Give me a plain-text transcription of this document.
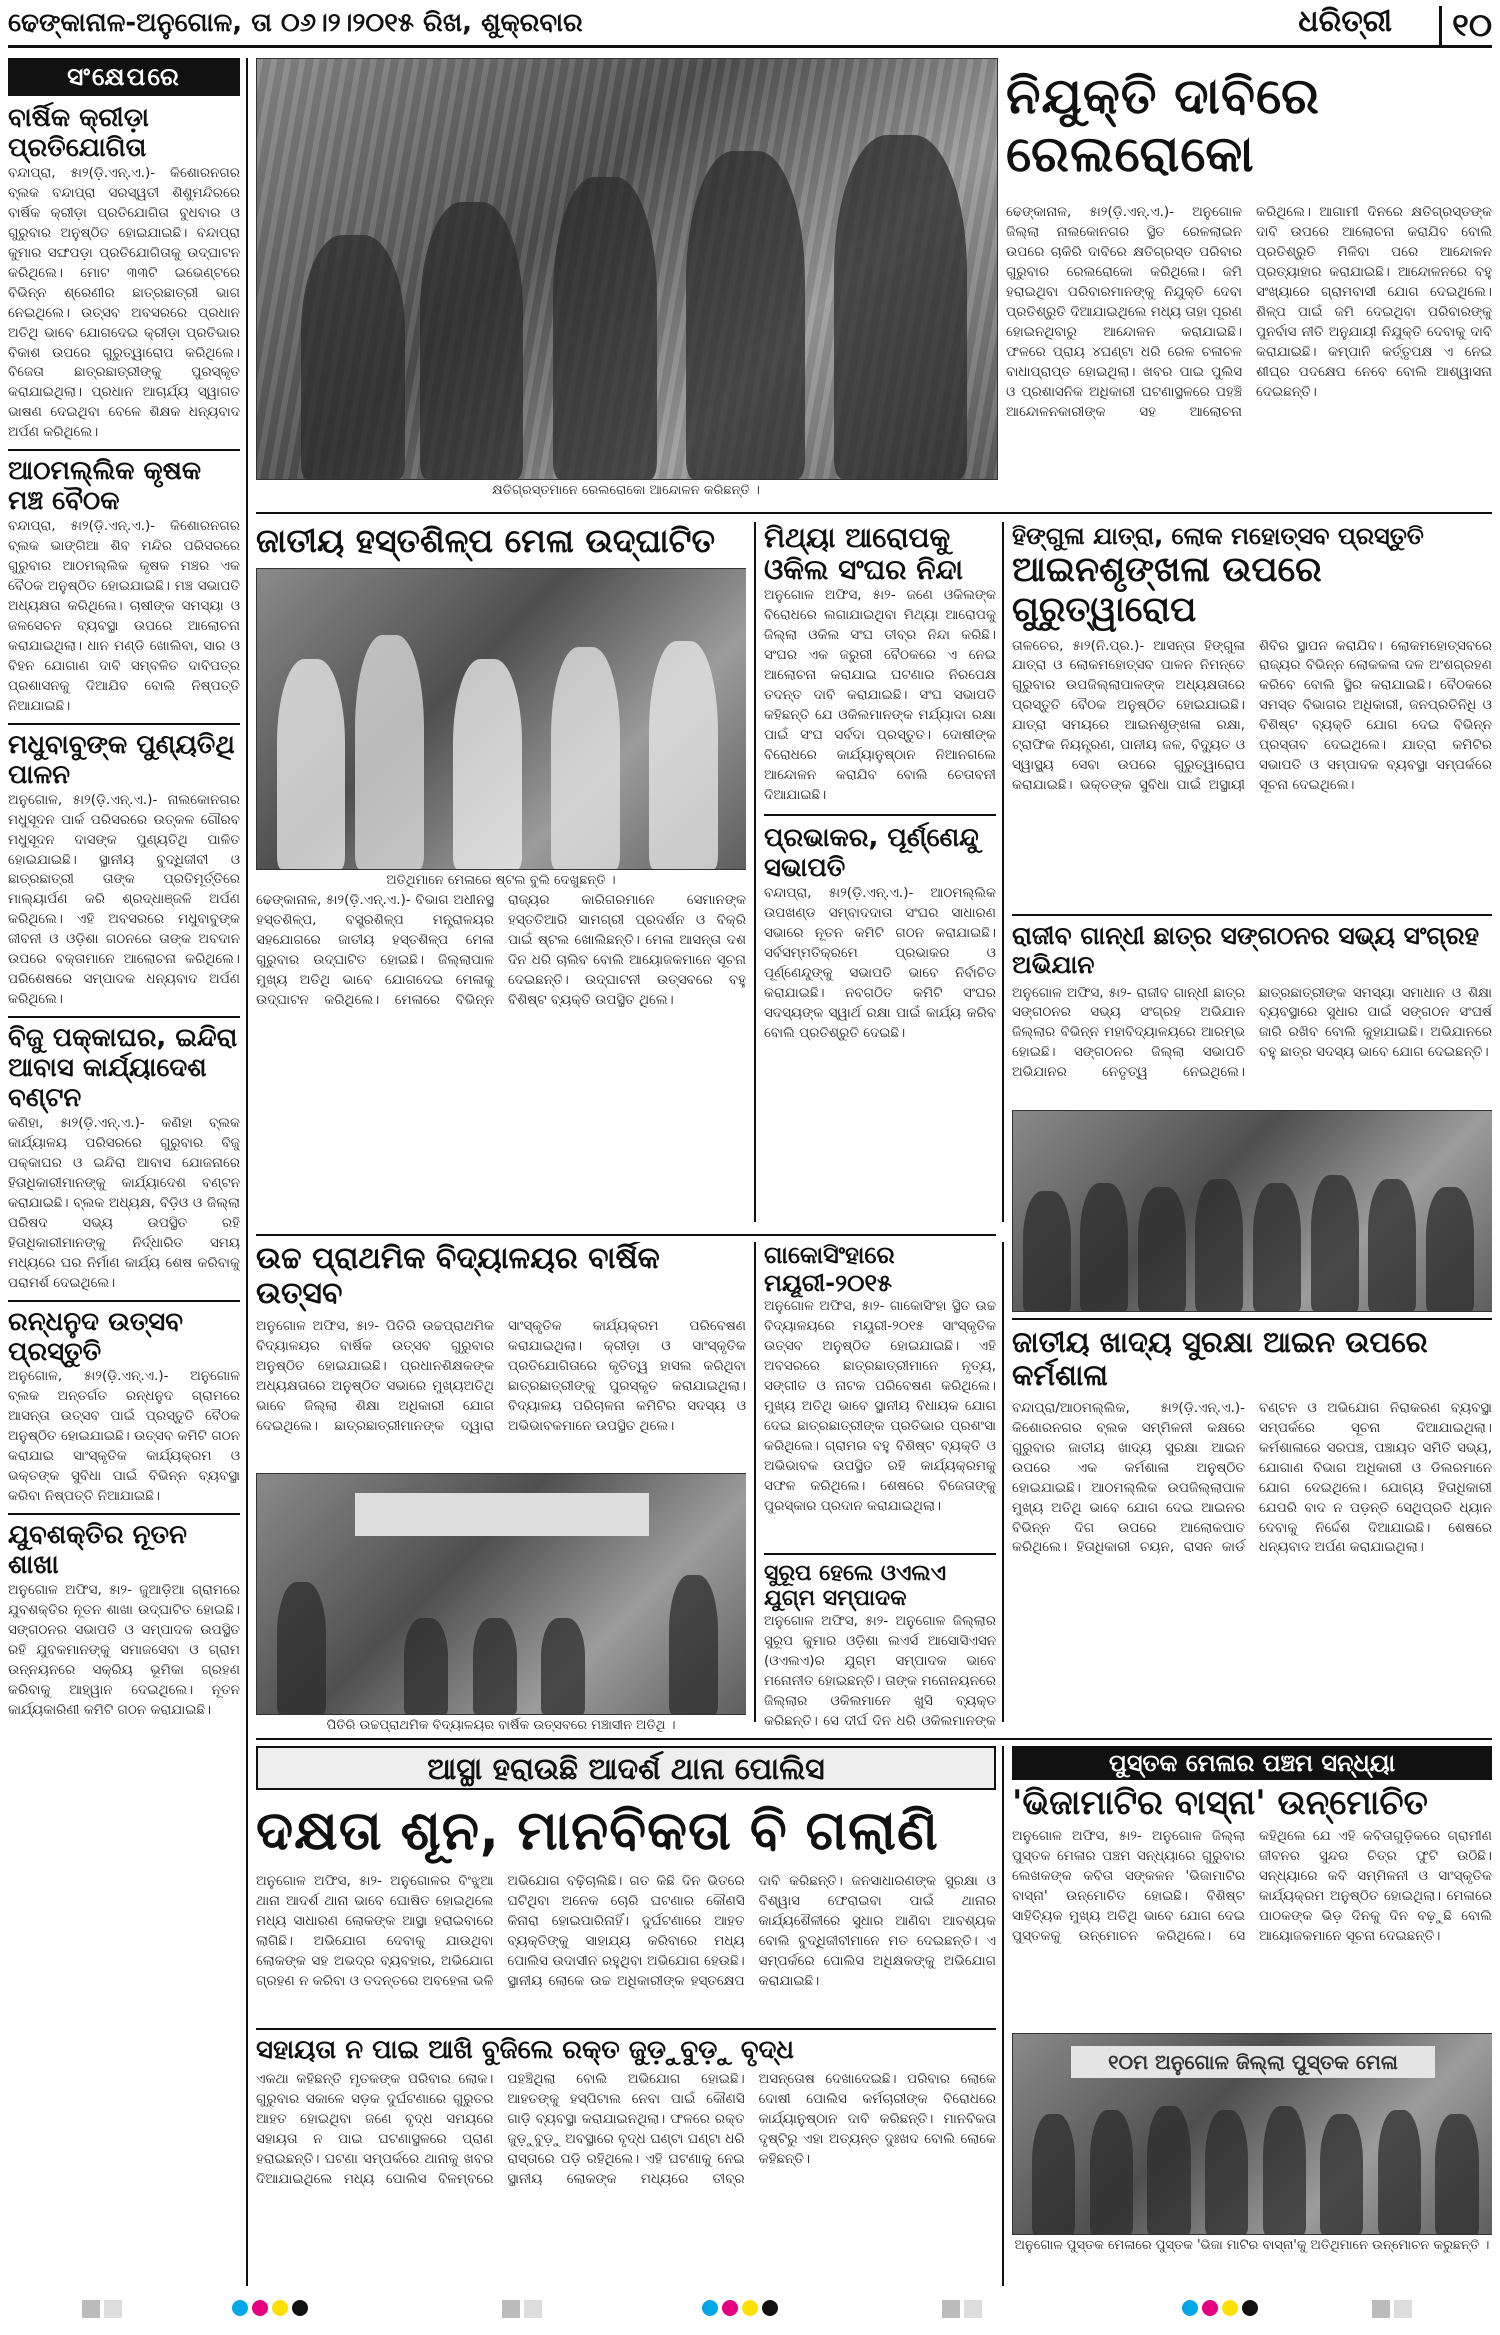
ଢେଙ୍କାନାଳ-ଅନୁଗୋଳ, ତା ୦୬।୨।୨୦୧୫ ରିଖ, ଶୁକ୍ରବାର	ଧରିତ୍ରୀ	୧୦
ସଂକ୍ଷେପରେ
ବାର୍ଷିକ କ୍ରୀଡ଼ା ପ୍ରତିଯୋଗିତା
ବନ୍ଦାପ୍ରା, ୫ା୨(ଡ଼ି.ଏନ୍.ଏ.)- କିଶୋରନଗର ବ୍ଲକ ବନ୍ଦାପ୍ରା ସରସ୍ୱତୀ ଶିଶୁମନ୍ଦିରରେ ବାର୍ଷିକ କ୍ରୀଡ଼ା ପ୍ରତିଯୋଗିତା ବୁଧବାର ଓ ଗୁରୁବାର ଅନୁଷ୍ଠିତ ହୋଇଯାଇଛି। ବନ୍ଦାପ୍ରା କୁମାର ସଙ୍ଘପଡ଼ା ପ୍ରତିଯୋଗିତାକୁ ଉଦ୍‌ଘାଟନ କରିଥିଲେ। ମୋଟ ୩୩ଟି ଇଭେଣ୍ଟରେ ବିଭିନ୍ନ ଶ୍ରେଣୀର ଛାତ୍ରଛାତ୍ରୀ ଭାଗ ନେଇଥିଲେ। ଉତ୍ସବ ଅବସରରେ ପ୍ରଧାନ ଅତିଥି ଭାବେ ଯୋଗଦେଇ କ୍ରୀଡ଼ା ପ୍ରତିଭାର ବିକାଶ ଉପରେ ଗୁରୁତ୍ୱାରୋପ କରିଥିଲେ। ବିଜେତା ଛାତ୍ରଛାତ୍ରୀଙ୍କୁ ପୁରସ୍କୃତ କରାଯାଇଥିଲା। ପ୍ରଧାନ ଆଚାର୍ଯ୍ୟ ସ୍ୱାଗତ ଭାଷଣ ଦେଇଥିବା ବେଳେ ଶିକ୍ଷକ ଧନ୍ୟବାଦ ଅର୍ପଣ କରିଥିଲେ।
ଆଠମଲ୍ଲିକ କୃଷକ ମଞ୍ଚ ବୈଠକ
ବନ୍ଦାପ୍ରା, ୫ା୨(ଡ଼ି.ଏନ୍.ଏ.)- କିଶୋରନଗର ବ୍ଲକ ଭାଙ୍ଗିଆ ଶିବ ମନ୍ଦିର ପରିସରରେ ଗୁରୁବାର ଆଠମଲ୍ଲିକ କୃଷକ ମଞ୍ଚର ଏକ ବୈଠକ ଅନୁଷ୍ଠିତ ହୋଇଯାଇଛି। ମଞ୍ଚ ସଭାପତି ଅଧ୍ୟକ୍ଷତା କରିଥିଲେ। ଚାଷୀଙ୍କ ସମସ୍ୟା ଓ ଜଳସେଚନ ବ୍ୟବସ୍ଥା ଉପରେ ଆଲୋଚନା କରାଯାଇଥିଲା। ଧାନ ମଣ୍ଡି ଖୋଲିବା, ସାର ଓ ବିହନ ଯୋଗାଣ ଦାବି ସମ୍ବଳିତ ଦାବିପତ୍ର ପ୍ରଶାସନକୁ ଦିଆଯିବ ବୋଲି ନିଷ୍ପତ୍ତି ନିଆଯାଇଛି।
ମଧୁବାବୁଙ୍କ ପୁଣ୍ୟତିଥି ପାଳନ
ଅନୁଗୋଳ, ୫ା୨(ଡ଼ି.ଏନ୍.ଏ.)- ନାଲକୋନଗର ମଧୁସୂଦନ ପାର୍କ ପରିସରରେ ଉତ୍କଳ ଗୌରବ ମଧୁସୂଦନ ଦାସଙ୍କ ପୁଣ୍ୟତିଥି ପାଳିତ ହୋଇଯାଇଛି। ସ୍ଥାନୀୟ ବୁଦ୍ଧିଜୀବୀ ଓ ଛାତ୍ରଛାତ୍ରୀ ତାଙ୍କ ପ୍ରତିମୂର୍ତ୍ତିରେ ମାଲ୍ୟାର୍ପଣ କରି ଶ୍ରଦ୍ଧାଞ୍ଜଳି ଅର୍ପଣ କରିଥିଲେ। ଏହି ଅବସରରେ ମଧୁବାବୁଙ୍କ ଜୀବନୀ ଓ ଓଡ଼ିଶା ଗଠନରେ ତାଙ୍କ ଅବଦାନ ଉପରେ ବକ୍ତାମାନେ ଆଲୋଚନା କରିଥିଲେ। ପରିଶେଷରେ ସମ୍ପାଦକ ଧନ୍ୟବାଦ ଅର୍ପଣ କରିଥିଲେ।
ବିଜୁ ପକ୍କାଘର, ଇନ୍ଦିରା ଆବାସ କାର୍ଯ୍ୟାଦେଶ ବଣ୍ଟନ
କଣିହା, ୫ା୨(ଡ଼ି.ଏନ୍.ଏ.)- କଣିହା ବ୍ଲକ କାର୍ଯ୍ୟାଳୟ ପରିସରରେ ଗୁରୁବାର ବିଜୁ ପକ୍କାଘର ଓ ଇନ୍ଦିରା ଆବାସ ଯୋଜନାରେ ହିତାଧିକାରୀମାନଙ୍କୁ କାର୍ଯ୍ୟାଦେଶ ବଣ୍ଟନ କରାଯାଇଛି। ବ୍ଲକ ଅଧ୍ୟକ୍ଷ, ବିଡ଼ିଓ ଓ ଜିଲ୍ଲା ପରିଷଦ ସଭ୍ୟ ଉପସ୍ଥିତ ରହି ହିତାଧିକାରୀମାନଙ୍କୁ ନିର୍ଦ୍ଧାରିତ ସମୟ ମଧ୍ୟରେ ଘର ନିର୍ମାଣ କାର୍ଯ୍ୟ ଶେଷ କରିବାକୁ ପରାମର୍ଶ ଦେଇଥିଲେ।
ରନ୍ଧନୁଦ ଉତ୍ସବ ପ୍ରସ୍ତୁତି
ଅନୁଗୋଳ, ୫ା୨(ଡ଼ି.ଏନ୍.ଏ.)- ଅନୁଗୋଳ ବ୍ଲକ ଅନ୍ତର୍ଗତ ରନ୍ଧନୁଦ ଗ୍ରାମରେ ଆସନ୍ତା ଉତ୍ସବ ପାଇଁ ପ୍ରସ୍ତୁତି ବୈଠକ ଅନୁଷ୍ଠିତ ହୋଇଯାଇଛି। ଉତ୍ସବ କମିଟି ଗଠନ କରାଯାଇ ସାଂସ୍କୃତିକ କାର୍ଯ୍ୟକ୍ରମ ଓ ଭକ୍ତଙ୍କ ସୁବିଧା ପାଇଁ ବିଭିନ୍ନ ବ୍ୟବସ୍ଥା କରିବା ନିଷ୍ପତ୍ତି ନିଆଯାଇଛି।
ଯୁବଶକ୍ତିର ନୂତନ ଶାଖା
ଅନୁଗୋଳ ଅଫିସ, ୫ା୨- ଜୁଆଡ଼ିଆ ଗ୍ରାମରେ ଯୁବଶକ୍ତିର ନୂତନ ଶାଖା ଉଦ୍‌ଘାଟିତ ହୋଇଛି। ସଙ୍ଗଠନର ସଭାପତି ଓ ସମ୍ପାଦକ ଉପସ୍ଥିତ ରହି ଯୁବକମାନଙ୍କୁ ସମାଜସେବା ଓ ଗ୍ରାମ ଉନ୍ନୟନରେ ସକ୍ରିୟ ଭୂମିକା ଗ୍ରହଣ କରିବାକୁ ଆହ୍ୱାନ ଦେଇଥିଲେ। ନୂତନ କାର୍ଯ୍ୟକାରିଣୀ କମିଟି ଗଠନ କରାଯାଇଛି।
କ୍ଷତିଗ୍ରସ୍ତମାନେ ରେଲରୋକୋ ଆନ୍ଦୋଳନ କରିଛନ୍ତି ।
ନିଯୁକ୍ତି ଦାବିରେ ରେଲରୋକୋ
ଢେଙ୍କାନାଳ, ୫ା୨(ଡ଼ି.ଏନ୍.ଏ.)- ଅନୁଗୋଳ ଜିଲ୍ଲା ନାଲକୋନଗର ସ୍ଥିତ ରେଳଲାଇନ ଉପରେ ଚାକିରି ଦାବିରେ କ୍ଷତିଗ୍ରସ୍ତ ପରିବାର ଗୁରୁବାର ରେଲରୋକୋ କରିଥିଲେ। ଜମି ହରାଇଥିବା ପରିବାରମାନଙ୍କୁ ନିଯୁକ୍ତି ଦେବା ପ୍ରତିଶ୍ରୁତି ଦିଆଯାଇଥିଲେ ମଧ୍ୟ ତାହା ପୂରଣ ହୋଇନଥିବାରୁ ଆନ୍ଦୋଳନ କରାଯାଇଛି। ଫଳରେ ପ୍ରାୟ ୪ଘଣ୍ଟା ଧରି ରେଳ ଚଳାଚଳ ବାଧାପ୍ରାପ୍ତ ହୋଇଥିଲା। ଖବର ପାଇ ପୁଲିସ ଓ ପ୍ରଶାସନିକ ଅଧିକାରୀ ଘଟଣାସ୍ଥଳରେ ପହଞ୍ଚି ଆନ୍ଦୋଳନକାରୀଙ୍କ ସହ ଆଲୋଚନା କରିଥିଲେ। ଆଗାମୀ ଦିନରେ କ୍ଷତିଗ୍ରସ୍ତଙ୍କ ଦାବି ଉପରେ ଆଲୋଚନା କରାଯିବ ବୋଲି ପ୍ରତିଶ୍ରୁତି ମିଳିବା ପରେ ଆନ୍ଦୋଳନ ପ୍ରତ୍ୟାହାର କରାଯାଇଛି। ଆନ୍ଦୋଳନରେ ବହୁ ସଂଖ୍ୟାରେ ଗ୍ରାମବାସୀ ଯୋଗ ଦେଇଥିଲେ। ଶିଳ୍ପ ପାଇଁ ଜମି ଦେଇଥିବା ପରିବାରଙ୍କୁ ପୁନର୍ବାସ ନୀତି ଅନୁଯାୟୀ ନିଯୁକ୍ତି ଦେବାକୁ ଦାବି କରାଯାଇଛି। କମ୍ପାନି କର୍ତ୍ତୃପକ୍ଷ ଏ ନେଇ ଶୀଘ୍ର ପଦକ୍ଷେପ ନେବେ ବୋଲି ଆଶ୍ୱାସନା ଦେଇଛନ୍ତି।
ଜାତୀୟ ହସ୍ତଶିଳ୍ପ ମେଳା ଉଦ୍‌ଘାଟିତ
ଅତିଥିମାନେ ମେଳାରେ ଷ୍ଟଲ ବୁଲି ଦେଖୁଛନ୍ତି ।
ଢେଙ୍କାନାଳ, ୫ା୨(ଡ଼ି.ଏନ୍.ଏ.)- ବିଭାଗ ଅଧୀନସ୍ଥ ହସ୍ତଶିଳ୍ପ, ବସ୍ତ୍ରଶିଳ୍ପ ମନ୍ତ୍ରାଳୟର ସହଯୋଗରେ ଜାତୀୟ ହସ୍ତଶିଳ୍ପ ମେଳା ଗୁରୁବାର ଉଦ୍‌ଘାଟିତ ହୋଇଛି। ଜିଲ୍ଲାପାଳ ମୁଖ୍ୟ ଅତିଥି ଭାବେ ଯୋଗଦେଇ ମେଳାକୁ ଉଦ୍‌ଘାଟନ କରିଥିଲେ। ମେଳାରେ ବିଭିନ୍ନ ରାଜ୍ୟର କାରିଗରମାନେ ସେମାନଙ୍କ ହସ୍ତତିଆରି ସାମଗ୍ରୀ ପ୍ରଦର୍ଶନ ଓ ବିକ୍ରି ପାଇଁ ଷ୍ଟଲ ଖୋଲିଛନ୍ତି। ମେଳା ଆସନ୍ତା ଦଶ ଦିନ ଧରି ଚାଲିବ ବୋଲି ଆୟୋଜକମାନେ ସୂଚନା ଦେଇଛନ୍ତି। ଉଦ୍‌ଘାଟନୀ ଉତ୍ସବରେ ବହୁ ବିଶିଷ୍ଟ ବ୍ୟକ୍ତି ଉପସ୍ଥିତ ଥିଲେ।
ମିଥ୍ୟା ଆରୋପକୁ ଓକିଲ ସଂଘର ନିନ୍ଦା
ଅନୁଗୋଳ ଅଫିସ, ୫ା୨- ଜଣେ ଓକିଲଙ୍କ ବିରୋଧରେ ଲଗାଯାଇଥିବା ମିଥ୍ୟା ଆରୋପକୁ ଜିଲ୍ଲା ଓକିଲ ସଂଘ ତୀବ୍ର ନିନ୍ଦା କରିଛି। ସଂଘର ଏକ ଜରୁରୀ ବୈଠକରେ ଏ ନେଇ ଆଲୋଚନା କରାଯାଇ ଘଟଣାର ନିରପେକ୍ଷ ତଦନ୍ତ ଦାବି କରାଯାଇଛି। ସଂଘ ସଭାପତି କହିଛନ୍ତି ଯେ ଓକିଲମାନଙ୍କ ମର୍ଯ୍ୟାଦା ରକ୍ଷା ପାଇଁ ସଂଘ ସର୍ବଦା ପ୍ରସ୍ତୁତ। ଦୋଷୀଙ୍କ ବିରୋଧରେ କାର୍ଯ୍ୟାନୁଷ୍ଠାନ ନିଆନଗଲେ ଆନ୍ଦୋଳନ କରାଯିବ ବୋଲି ଚେତାବନୀ ଦିଆଯାଇଛି।
ପ୍ରଭାକର, ପୂର୍ଣ୍ଣେନ୍ଦୁ ସଭାପତି
ବନ୍ଦାପ୍ରା, ୫ା୨(ଡ଼ି.ଏନ୍.ଏ.)- ଆଠମଲ୍ଲିକ ଉପଖଣ୍ଡ ସମ୍ବାଦଦାତା ସଂଘର ସାଧାରଣ ସଭାରେ ନୂତନ କମିଟି ଗଠନ କରାଯାଇଛି। ସର୍ବସମ୍ମତିକ୍ରମେ ପ୍ରଭାକର ଓ ପୂର୍ଣ୍ଣେନ୍ଦୁଙ୍କୁ ସଭାପତି ଭାବେ ନିର୍ବାଚିତ କରାଯାଇଛି। ନବଗଠିତ କମିଟି ସଂଘର ସଦସ୍ୟଙ୍କ ସ୍ୱାର୍ଥ ରକ୍ଷା ପାଇଁ କାର୍ଯ୍ୟ କରିବ ବୋଲି ପ୍ରତିଶ୍ରୁତି ଦେଇଛି।
ହିଙ୍ଗୁଳା ଯାତ୍ରା, ଲୋକ ମହୋତ୍ସବ ପ୍ରସ୍ତୁତି
ଆଇନଶୃଙ୍ଖଳା ଉପରେ ଗୁରୁତ୍ୱାରୋପ
ତାଳଚେର, ୫ା୨(ନି.ପ୍ର.)- ଆସନ୍ତା ହିଙ୍ଗୁଳା ଯାତ୍ରା ଓ ଲୋକମହୋତ୍ସବ ପାଳନ ନିମନ୍ତେ ଗୁରୁବାର ଉପଜିଲ୍ଲାପାଳଙ୍କ ଅଧ୍ୟକ୍ଷତାରେ ପ୍ରସ୍ତୁତି ବୈଠକ ଅନୁଷ୍ଠିତ ହୋଇଯାଇଛି। ଯାତ୍ରା ସମୟରେ ଆଇନଶୃଙ୍ଖଳା ରକ୍ଷା, ଟ୍ରାଫିକ ନିୟନ୍ତ୍ରଣ, ପାନୀୟ ଜଳ, ବିଦ୍ୟୁତ ଓ ସ୍ୱାସ୍ଥ୍ୟ ସେବା ଉପରେ ଗୁରୁତ୍ୱାରୋପ କରାଯାଇଛି। ଭକ୍ତଙ୍କ ସୁବିଧା ପାଇଁ ଅସ୍ଥାୟୀ ଶିବିର ସ୍ଥାପନ କରାଯିବ। ଲୋକମହୋତ୍ସବରେ ରାଜ୍ୟର ବିଭିନ୍ନ ଲୋକକଳା ଦଳ ଅଂଶଗ୍ରହଣ କରିବେ ବୋଲି ସ୍ଥିର କରାଯାଇଛି। ବୈଠକରେ ସମସ୍ତ ବିଭାଗର ଅଧିକାରୀ, ଜନପ୍ରତିନିଧି ଓ ବିଶିଷ୍ଟ ବ୍ୟକ୍ତି ଯୋଗ ଦେଇ ବିଭିନ୍ନ ପ୍ରସ୍ତାବ ଦେଇଥିଲେ। ଯାତ୍ରା କମିଟିର ସଭାପତି ଓ ସମ୍ପାଦକ ବ୍ୟବସ୍ଥା ସମ୍ପର୍କରେ ସୂଚନା ଦେଇଥିଲେ।
ରାଜୀବ ଗାନ୍ଧୀ ଛାତ୍ର ସଙ୍ଗଠନର ସଭ୍ୟ ସଂଗ୍ରହ ଅଭିଯାନ
ଅନୁଗୋଳ ଅଫିସ, ୫ା୨- ରାଜୀବ ଗାନ୍ଧୀ ଛାତ୍ର ସଙ୍ଗଠନର ସଭ୍ୟ ସଂଗ୍ରହ ଅଭିଯାନ ଜିଲ୍ଲାର ବିଭିନ୍ନ ମହାବିଦ୍ୟାଳୟରେ ଆରମ୍ଭ ହୋଇଛି। ସଙ୍ଗଠନର ଜିଲ୍ଲା ସଭାପତି ଅଭିଯାନର ନେତୃତ୍ୱ ନେଇଥିଲେ। ଛାତ୍ରଛାତ୍ରୀଙ୍କ ସମସ୍ୟା ସମାଧାନ ଓ ଶିକ୍ଷା ବ୍ୟବସ୍ଥାରେ ସୁଧାର ପାଇଁ ସଙ୍ଗଠନ ସଂଘର୍ଷ ଜାରି ରଖିବ ବୋଲି କୁହାଯାଇଛି। ଅଭିଯାନରେ ବହୁ ଛାତ୍ର ସଦସ୍ୟ ଭାବେ ଯୋଗ ଦେଇଛନ୍ତି।
ଉଚ୍ଚ ପ୍ରାଥମିକ ବିଦ୍ୟାଳୟର ବାର୍ଷିକ ଉତ୍ସବ
ଅନୁଗୋଳ ଅଫିସ, ୫ା୨- ପିତିରି ଉଚ୍ଚପ୍ରାଥମିକ ବିଦ୍ୟାଳୟର ବାର୍ଷିକ ଉତ୍ସବ ଗୁରୁବାର ଅନୁଷ୍ଠିତ ହୋଇଯାଇଛି। ପ୍ରଧାନଶିକ୍ଷକଙ୍କ ଅଧ୍ୟକ୍ଷତାରେ ଅନୁଷ୍ଠିତ ସଭାରେ ମୁଖ୍ୟଅତିଥି ଭାବେ ଜିଲ୍ଲା ଶିକ୍ଷା ଅଧିକାରୀ ଯୋଗ ଦେଇଥିଲେ। ଛାତ୍ରଛାତ୍ରୀମାନଙ୍କ ଦ୍ୱାରା ସାଂସ୍କୃତିକ କାର୍ଯ୍ୟକ୍ରମ ପରିବେଷଣ କରାଯାଇଥିଲା। କ୍ରୀଡ଼ା ଓ ସାଂସ୍କୃତିକ ପ୍ରତିଯୋଗିତାରେ କୃତିତ୍ୱ ହାସଲ କରିଥିବା ଛାତ୍ରଛାତ୍ରୀଙ୍କୁ ପୁରସ୍କୃତ କରାଯାଇଥିଲା। ବିଦ୍ୟାଳୟ ପରିଚାଳନା କମିଟିର ସଦସ୍ୟ ଓ ଅଭିଭାବକମାନେ ଉପସ୍ଥିତ ଥିଲେ।
ପିତିରି ଉଚ୍ଚପ୍ରାଥମିକ ବିଦ୍ୟାଳୟର ବାର୍ଷିକ ଉତ୍ସବରେ ମଞ୍ଚାସୀନ ଅତିଥି ।
ଗାକୋସିଂହାରେ ମୟୂରୀ-୨୦୧୫
ଅନୁଗୋଳ ଅଫିସ, ୫ା୨- ଗାକୋସିଂହା ସ୍ଥିତ ଉଚ୍ଚ ବିଦ୍ୟାଳୟରେ ମୟୂରୀ-୨୦୧୫ ସାଂସ୍କୃତିକ ଉତ୍ସବ ଅନୁଷ୍ଠିତ ହୋଇଯାଇଛି। ଏହି ଅବସରରେ ଛାତ୍ରଛାତ୍ରୀମାନେ ନୃତ୍ୟ, ସଙ୍ଗୀତ ଓ ନାଟକ ପରିବେଷଣ କରିଥିଲେ। ମୁଖ୍ୟ ଅତିଥି ଭାବେ ସ୍ଥାନୀୟ ବିଧାୟକ ଯୋଗ ଦେଇ ଛାତ୍ରଛାତ୍ରୀଙ୍କ ପ୍ରତିଭାର ପ୍ରଶଂସା କରିଥିଲେ। ଗ୍ରାମର ବହୁ ବିଶିଷ୍ଟ ବ୍ୟକ୍ତି ଓ ଅଭିଭାବକ ଉପସ୍ଥିତ ରହି କାର୍ଯ୍ୟକ୍ରମକୁ ସଫଳ କରିଥିଲେ। ଶେଷରେ ବିଜେତାଙ୍କୁ ପୁରସ୍କାର ପ୍ରଦାନ କରାଯାଇଥିଲା।
ସୁରୂପ ହେଲେ ଓଏଲଏ ଯୁଗ୍ମ ସମ୍ପାଦକ
ଅନୁଗୋଳ ଅଫିସ, ୫ା୨- ଅନୁଗୋଳ ଜିଲ୍ଲାର ସୁରୂପ କୁମାର ଓଡ଼ିଶା ଲଏର୍ସ ଆସୋସିଏସନ (ଓଏଲଏ)ର ଯୁଗ୍ମ ସମ୍ପାଦକ ଭାବେ ମନୋନୀତ ହୋଇଛନ୍ତି। ତାଙ୍କ ମନୋନୟନରେ ଜିଲ୍ଲାର ଓକିଲମାନେ ଖୁସି ବ୍ୟକ୍ତ କରିଛନ୍ତି। ସେ ଦୀର୍ଘ ଦିନ ଧରି ଓକିଲମାନଙ୍କ
ଜାତୀୟ ଖାଦ୍ୟ ସୁରକ୍ଷା ଆଇନ ଉପରେ କର୍ମଶାଳା
ବନ୍ଦାପ୍ରା/ଆଠମଲ୍ଲିକ, ୫ା୨(ଡ଼ି.ଏନ୍.ଏ.)- କିଶୋରନଗର ବ୍ଲକ ସମ୍ମିଳନୀ କକ୍ଷରେ ଗୁରୁବାର ଜାତୀୟ ଖାଦ୍ୟ ସୁରକ୍ଷା ଆଇନ ଉପରେ ଏକ କର୍ମଶାଳା ଅନୁଷ୍ଠିତ ହୋଇଯାଇଛି। ଆଠମଲ୍ଲିକ ଉପଜିଲ୍ଲାପାଳ ମୁଖ୍ୟ ଅତିଥି ଭାବେ ଯୋଗ ଦେଇ ଆଇନର ବିଭିନ୍ନ ଦିଗ ଉପରେ ଆଲୋକପାତ କରିଥିଲେ। ହିତାଧିକାରୀ ଚୟନ, ରାସନ କାର୍ଡ ବଣ୍ଟନ ଓ ଅଭିଯୋଗ ନିରାକରଣ ବ୍ୟବସ୍ଥା ସମ୍ପର୍କରେ ସୂଚନା ଦିଆଯାଇଥିଲା। କର୍ମଶାଳାରେ ସରପଞ୍ଚ, ପଞ୍ଚାୟତ ସମିତି ସଭ୍ୟ, ଯୋଗାଣ ବିଭାଗ ଅଧିକାରୀ ଓ ଡିଲରମାନେ ଯୋଗ ଦେଇଥିଲେ। ଯୋଗ୍ୟ ହିତାଧିକାରୀ ଯେପରି ବାଦ ନ ପଡ଼ନ୍ତି ସେଥିପ୍ରତି ଧ୍ୟାନ ଦେବାକୁ ନିର୍ଦ୍ଦେଶ ଦିଆଯାଇଛି। ଶେଷରେ ଧନ୍ୟବାଦ ଅର୍ପଣ କରାଯାଇଥିଲା।
ଆସ୍ଥା ହରାଉଛି ଆଦର୍ଶ ଥାନା ପୋଲିସ
ଦକ୍ଷତା ଶୂନ, ମାନବିକତା ବି ଗଲାଣି
ଅନୁଗୋଳ ଅଫିସ, ୫ା୨- ଅନୁଗୋଳର ବିଂଝୁଆ ଥାନା ଆଦର୍ଶ ଥାନା ଭାବେ ଘୋଷିତ ହୋଇଥିଲେ ମଧ୍ୟ ସାଧାରଣ ଲୋକଙ୍କ ଆସ୍ଥା ହରାଇବାରେ ଲାଗିଛି। ଅଭିଯୋଗ ଦେବାକୁ ଯାଉଥିବା ଲୋକଙ୍କ ସହ ଅଭଦ୍ର ବ୍ୟବହାର, ଅଭିଯୋଗ ଗ୍ରହଣ ନ କରିବା ଓ ତଦନ୍ତରେ ଅବହେଳା ଭଳି ଅଭିଯୋଗ ବଢ଼ିଚାଲିଛି। ଗତ କିଛି ଦିନ ଭିତରେ ଘଟିଥିବା ଅନେକ ଚୋରି ଘଟଣାର କୌଣସି କିନାରା ହୋଇପାରିନାହିଁ। ଦୁର୍ଘଟଣାରେ ଆହତ ବ୍ୟକ୍ତିଙ୍କୁ ସାହାଯ୍ୟ କରିବାରେ ମଧ୍ୟ ପୋଲିସ ଉଦାସୀନ ରହୁଥିବା ଅଭିଯୋଗ ହେଉଛି। ସ୍ଥାନୀୟ ଲୋକେ ଉଚ୍ଚ ଅଧିକାରୀଙ୍କ ହସ୍ତକ୍ଷେପ ଦାବି କରିଛନ୍ତି। ଜନସାଧାରଣଙ୍କ ସୁରକ୍ଷା ଓ ବିଶ୍ୱାସ ଫେରାଇବା ପାଇଁ ଥାନାର କାର୍ଯ୍ୟଶୈଳୀରେ ସୁଧାର ଆଣିବା ଆବଶ୍ୟକ ବୋଲି ବୁଦ୍ଧିଜୀବୀମାନେ ମତ ଦେଇଛନ୍ତି। ଏ ସମ୍ପର୍କରେ ପୋଲିସ ଅଧିକ୍ଷକଙ୍କୁ ଅଭିଯୋଗ କରାଯାଇଛି।
ସହାୟତା ନ ପାଇ ଆଖି ବୁଜିଲେ ରକ୍ତ ଜୁଡ଼ୁବୁଡ଼ୁ ବୃଦ୍ଧ
ଏକଥା କହିଛନ୍ତି ମୃତକଙ୍କ ପରିବାର ଲୋକ। ଗୁରୁବାର ସକାଳେ ସଡ଼କ ଦୁର୍ଘଟଣାରେ ଗୁରୁତର ଆହତ ହୋଇଥିବା ଜଣେ ବୃଦ୍ଧ ସମୟରେ ସହାୟତା ନ ପାଇ ଘଟଣାସ୍ଥଳରେ ପ୍ରାଣ ହରାଇଛନ୍ତି। ଘଟଣା ସମ୍ପର୍କରେ ଥାନାକୁ ଖବର ଦିଆଯାଇଥିଲେ ମଧ୍ୟ ପୋଲିସ ବିଳମ୍ବରେ ପହଞ୍ଚିଥିଲା ବୋଲି ଅଭିଯୋଗ ହୋଇଛି। ଆହତଙ୍କୁ ହସ୍ପିଟାଲ ନେବା ପାଇଁ କୌଣସି ଗାଡ଼ି ବ୍ୟବସ୍ଥା କରାଯାଇନଥିଲା। ଫଳରେ ରକ୍ତ ଜୁଡ଼ୁବୁଡ଼ୁ ଅବସ୍ଥାରେ ବୃଦ୍ଧ ଘଣ୍ଟା ଘଣ୍ଟା ଧରି ରାସ୍ତାରେ ପଡ଼ି ରହିଥିଲେ। ଏହି ଘଟଣାକୁ ନେଇ ସ୍ଥାନୀୟ ଲୋକଙ୍କ ମଧ୍ୟରେ ତୀବ୍ର ଅସନ୍ତୋଷ ଦେଖାଦେଇଛି। ପରିବାର ଲୋକେ ଦୋଷୀ ପୋଲିସ କର୍ମଚାରୀଙ୍କ ବିରୋଧରେ କାର୍ଯ୍ୟାନୁଷ୍ଠାନ ଦାବି କରିଛନ୍ତି। ମାନବିକତା ଦୃଷ୍ଟିରୁ ଏହା ଅତ୍ୟନ୍ତ ଦୁଃଖଦ ବୋଲି ଲୋକେ କହିଛନ୍ତି।
ପୁସ୍ତକ ମେଳାର ପଞ୍ଚମ ସନ୍ଧ୍ୟା
'ଭିଜାମାଟିର ବାସ୍ନା' ଉନ୍ମୋଚିତ
ଅନୁଗୋଳ ଅଫିସ, ୫ା୨- ଅନୁଗୋଳ ଜିଲ୍ଲା ପୁସ୍ତକ ମେଳାର ପଞ୍ଚମ ସନ୍ଧ୍ୟାରେ ଗୁରୁବାର ଲେଖକଙ୍କ କବିତା ସଙ୍କଳନ 'ଭିଜାମାଟିର ବାସ୍ନା' ଉନ୍ମୋଚିତ ହୋଇଛି। ବିଶିଷ୍ଟ ସାହିତ୍ୟିକ ମୁଖ୍ୟ ଅତିଥି ଭାବେ ଯୋଗ ଦେଇ ପୁସ୍ତକକୁ ଉନ୍ମୋଚନ କରିଥିଲେ। ସେ କହିଥିଲେ ଯେ ଏହି କବିତାଗୁଡ଼ିକରେ ଗ୍ରାମୀଣ ଜୀବନର ସୁନ୍ଦର ଚିତ୍ର ଫୁଟି ଉଠିଛି। ସନ୍ଧ୍ୟାରେ କବି ସମ୍ମିଳନୀ ଓ ସାଂସ୍କୃତିକ କାର୍ଯ୍ୟକ୍ରମ ଅନୁଷ୍ଠିତ ହୋଇଥିଲା। ମେଳାରେ ପାଠକଙ୍କ ଭିଡ଼ ଦିନକୁ ଦିନ ବଢ଼ୁଛି ବୋଲି ଆୟୋଜକମାନେ ସୂଚନା ଦେଇଛନ୍ତି।
୧୦ମ ଅନୁଗୋଳ ଜିଲ୍ଲା ପୁସ୍ତକ ମେଳା
ଅନୁଗୋଳ ପୁସ୍ତକ ମେଳାରେ ପୁସ୍ତକ 'ଭିଜା ମାଟିର ବାସ୍ନା'କୁ ଅତିଥିମାନେ ଉନ୍ମୋଚନ କରୁଛନ୍ତି ।
